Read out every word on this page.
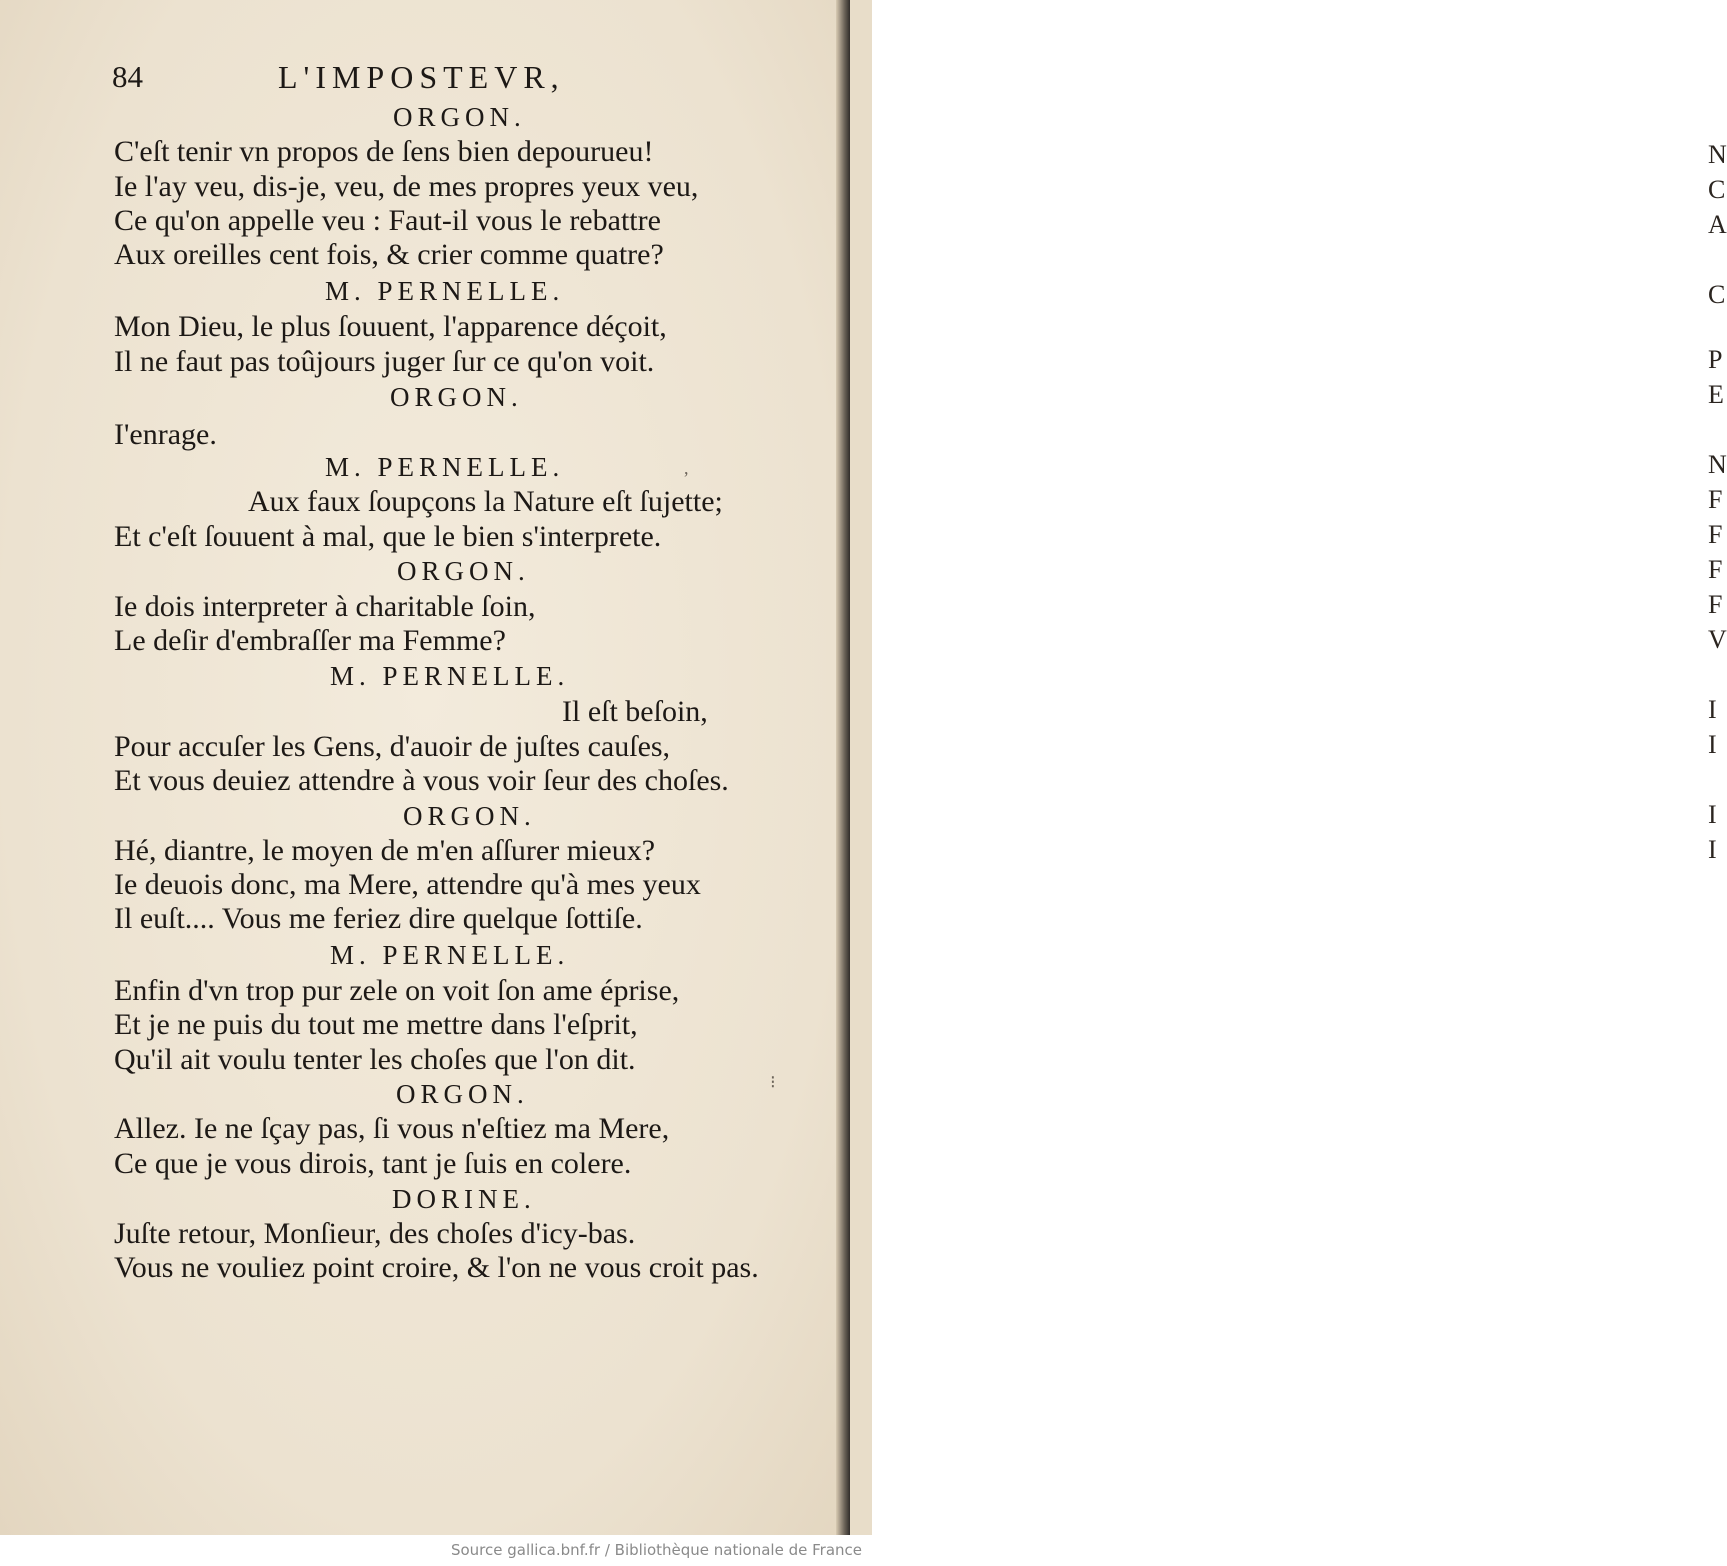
84	L'IMPOSTEVR,
ORGON.
C'eſt tenir vn propos de ſens bien depourueu!
Ie l'ay veu, dis-je, veu, de mes propres yeux veu,
Ce qu'on appelle veu : Faut-il vous le rebattre
Aux oreilles cent fois, & crier comme quatre?
M. PERNELLE.
Mon Dieu, le plus ſouuent, l'apparence déçoit,
Il ne faut pas toûjours juger ſur ce qu'on voit.
ORGON.
I'enrage.
M. PERNELLE.
Aux faux ſoupçons la Nature eſt ſujette;
Et c'eſt ſouuent à mal, que le bien s'interprete.
ORGON.
Ie dois interpreter à charitable ſoin,
Le deſir d'embraſſer ma Femme?
M. PERNELLE.
Il eſt beſoin,
Pour accuſer les Gens, d'auoir de juſtes cauſes,
Et vous deuiez attendre à vous voir ſeur des choſes.
ORGON.
Hé, diantre, le moyen de m'en aſſurer mieux?
Ie deuois donc, ma Mere, attendre qu'à mes yeux
Il euſt.... Vous me feriez dire quelque ſottiſe.
M. PERNELLE.
Enfin d'vn trop pur zele on voit ſon ame éprise,
Et je ne puis du tout me mettre dans l'eſprit,
Qu'il ait voulu tenter les choſes que l'on dit.
ORGON.
Allez. Ie ne ſçay pas, ſi vous n'eſtiez ma Mere,
Ce que je vous dirois, tant je ſuis en colere.
DORINE.
Juſte retour, Monſieur, des choſes d'icy-bas.
Vous ne vouliez point croire, & l'on ne vous croit pas.
,
⁝
N
C
A
C
P
E
N
F
F
F
F
V
I
I
I
I
Source gallica.bnf.fr / Bibliothèque nationale de France
